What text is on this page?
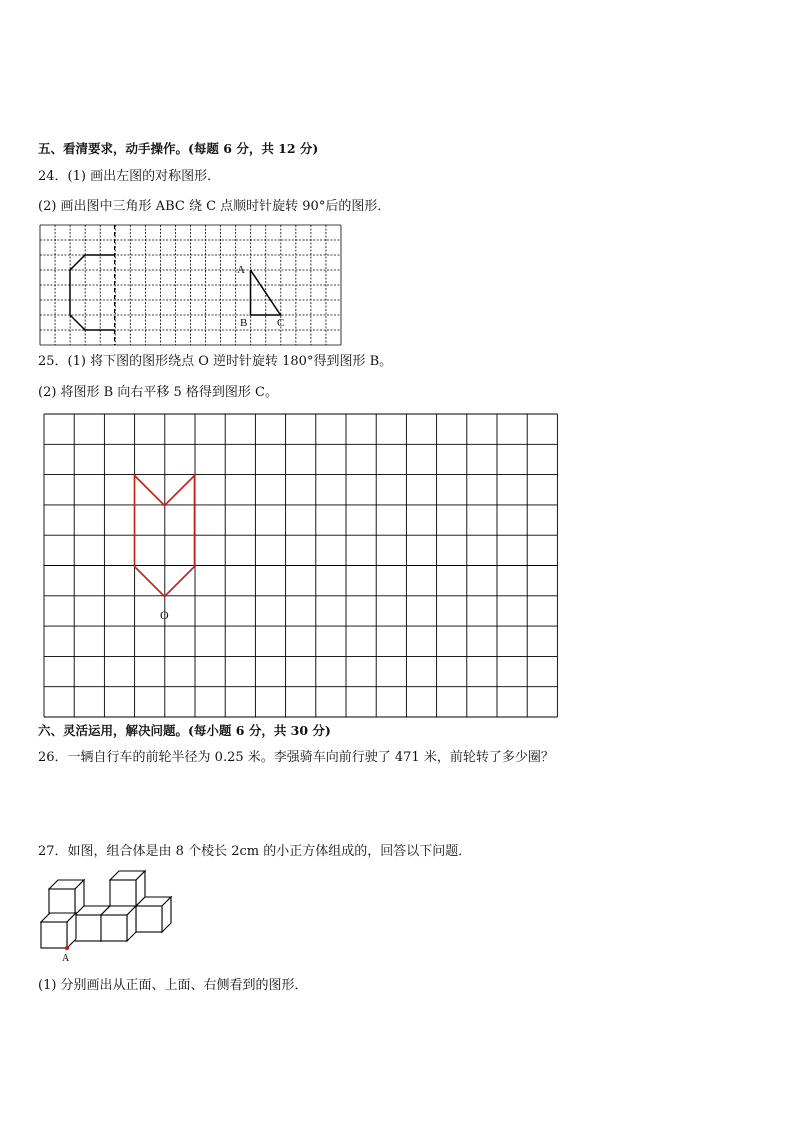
五、看清要求，动手操作。(每题 6 分，共 12 分)
24．(1) 画出左图的对称图形．
(2) 画出图中三角形 ABC 绕 C 点顺时针旋转 90°后的图形．
A
B	C
25．(1) 将下图的图形绕点 O 逆时针旋转 180°得到图形 B。
(2) 将图形 B 向右平移 5 格得到图形 C。
O
六、灵活运用，解决问题。(每小题 6 分，共 30 分)
26．一辆自行车的前轮半径为 0.25 米。李强骑车向前行驶了 471 米，前轮转了多少圈？
27．如图，组合体是由 8 个棱长 2cm 的小正方体组成的，回答以下问题．
A
(1) 分别画出从正面、上面、右侧看到的图形．
